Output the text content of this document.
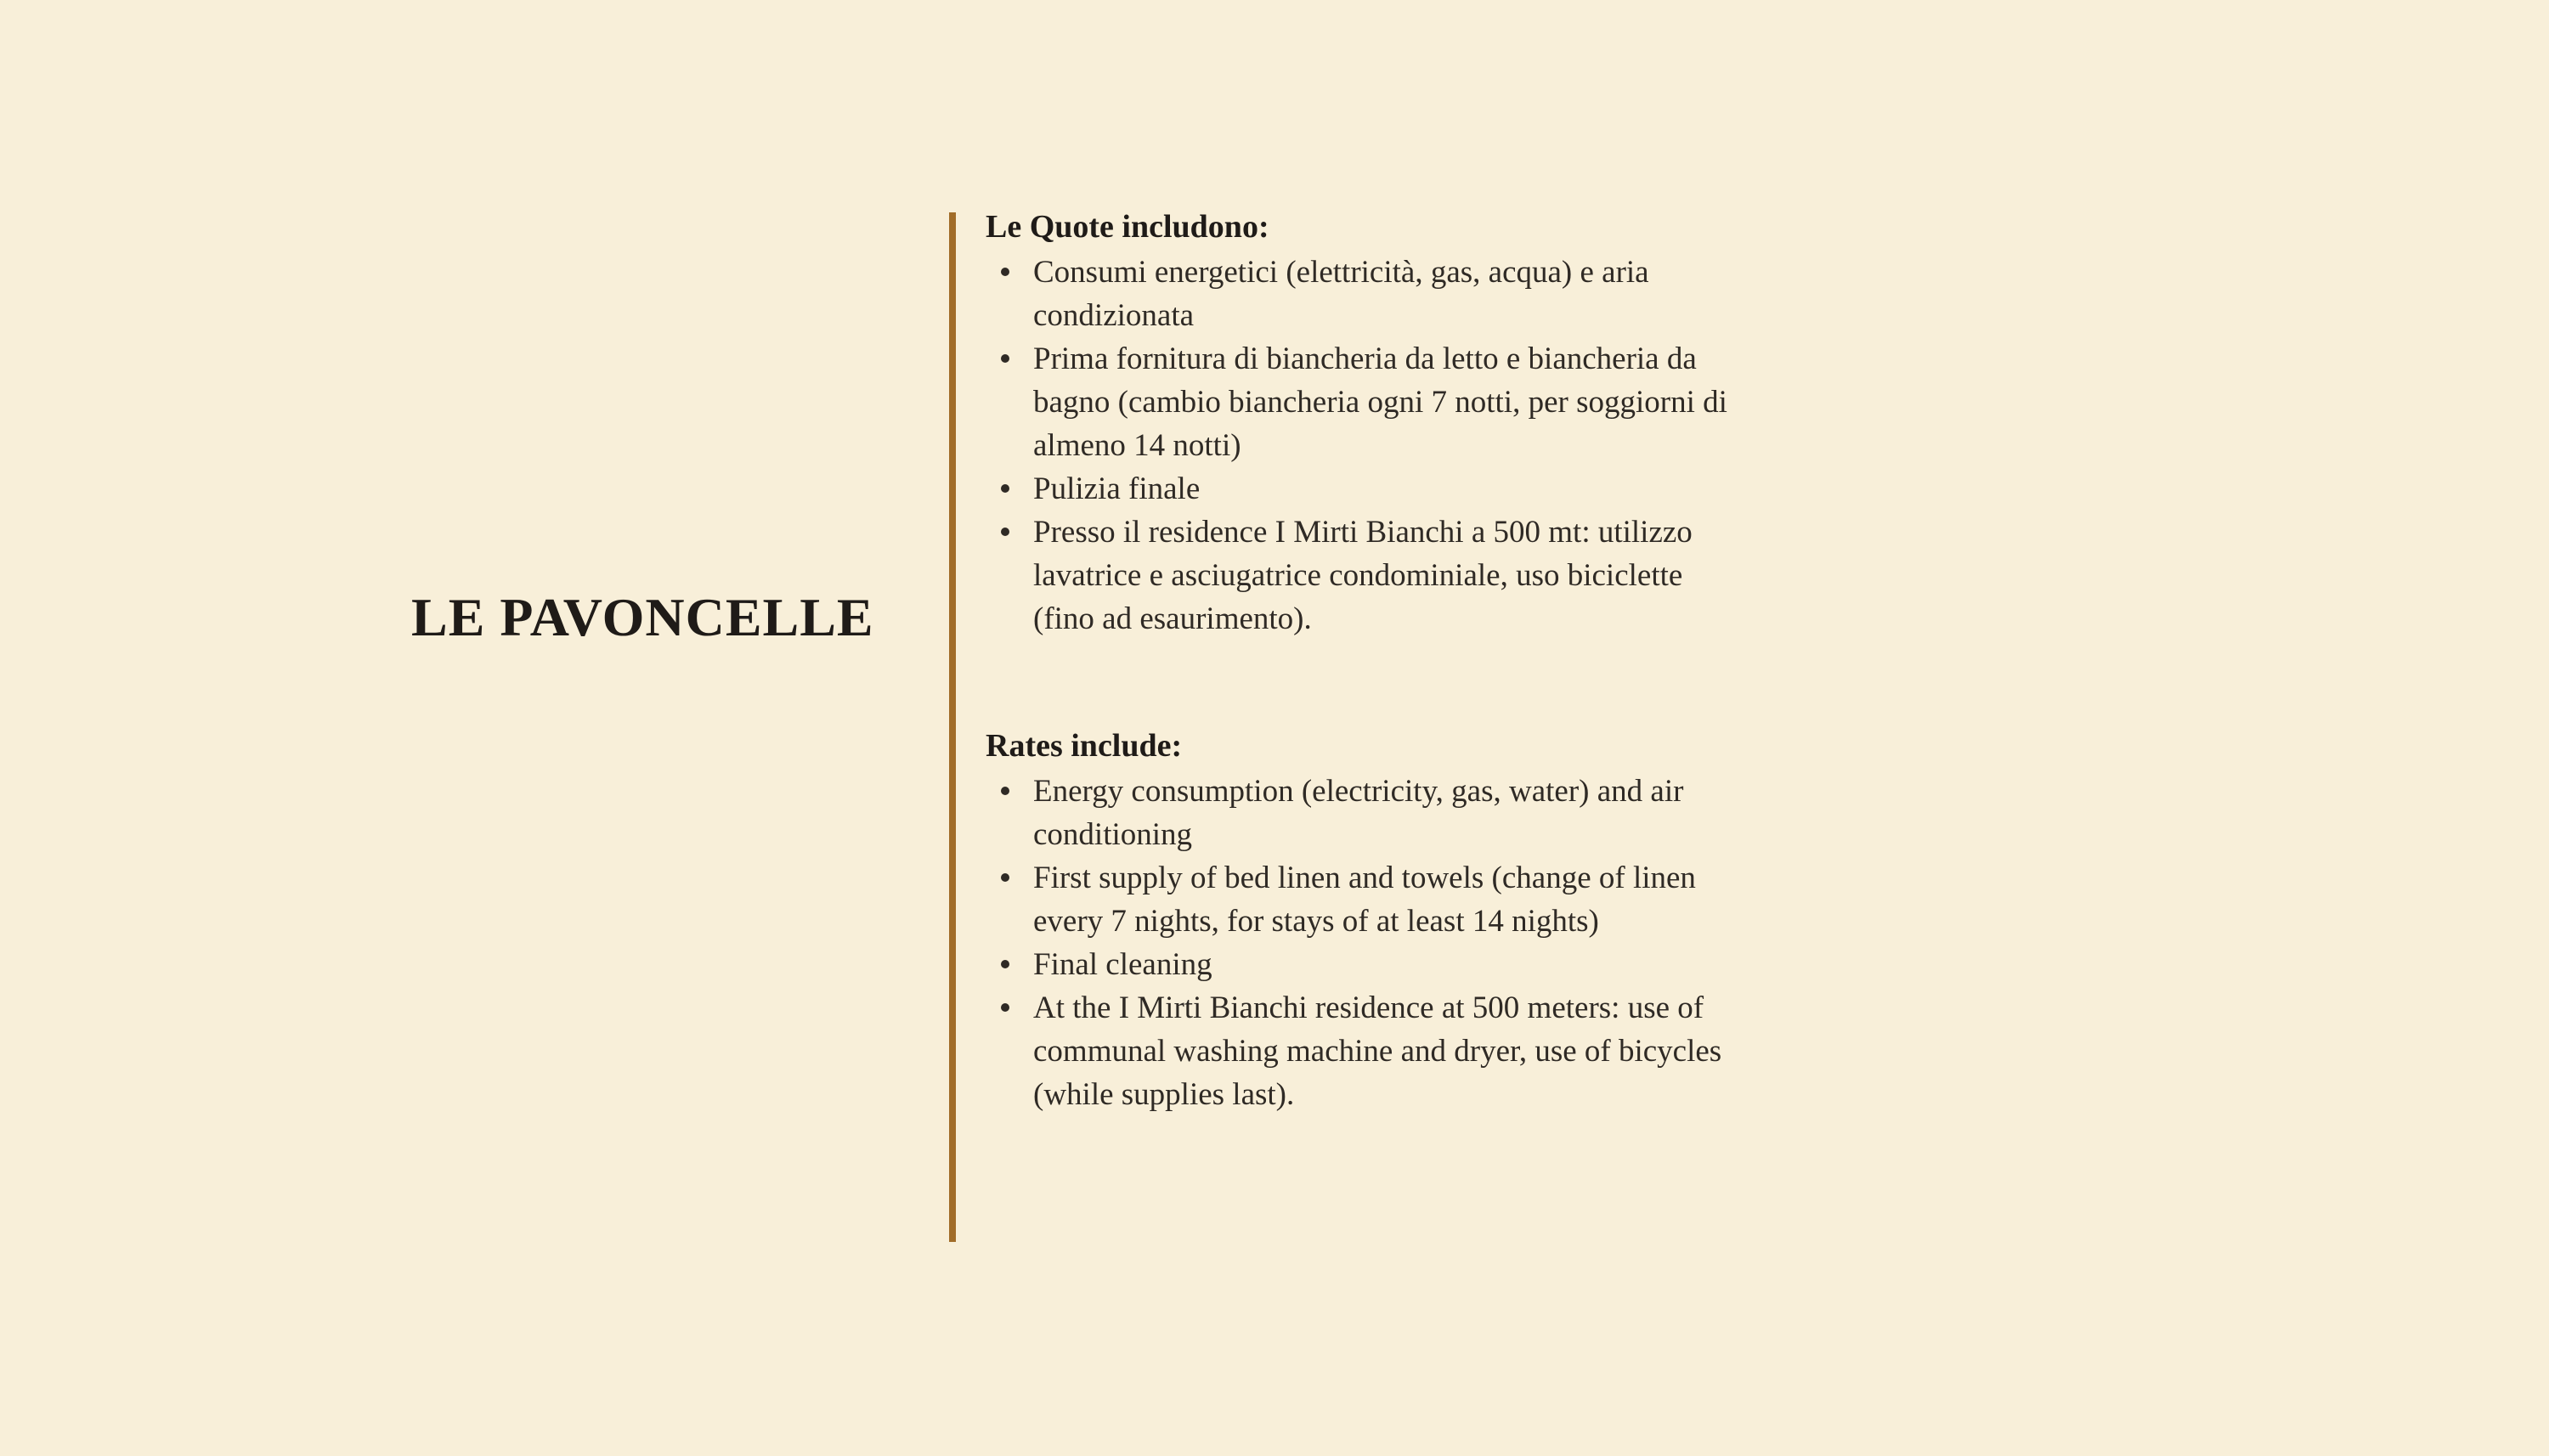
LE PAVONCELLE
Le Quote includono:
Consumi energetici (elettricità, gas, acqua) e aria condizionata
Prima fornitura di biancheria da letto e biancheria da bagno (cambio biancheria ogni 7 notti, per soggiorni di almeno 14 notti)
Pulizia finale
Presso il residence I Mirti Bianchi a 500 mt: utilizzo lavatrice e asciugatrice condominiale, uso biciclette (fino ad esaurimento).
Rates include:
Energy consumption (electricity, gas, water) and air conditioning
First supply of bed linen and towels (change of linen every 7 nights, for stays of at least 14 nights)
Final cleaning
At the I Mirti Bianchi residence at 500 meters: use of communal washing machine and dryer, use of bicycles (while supplies last).
